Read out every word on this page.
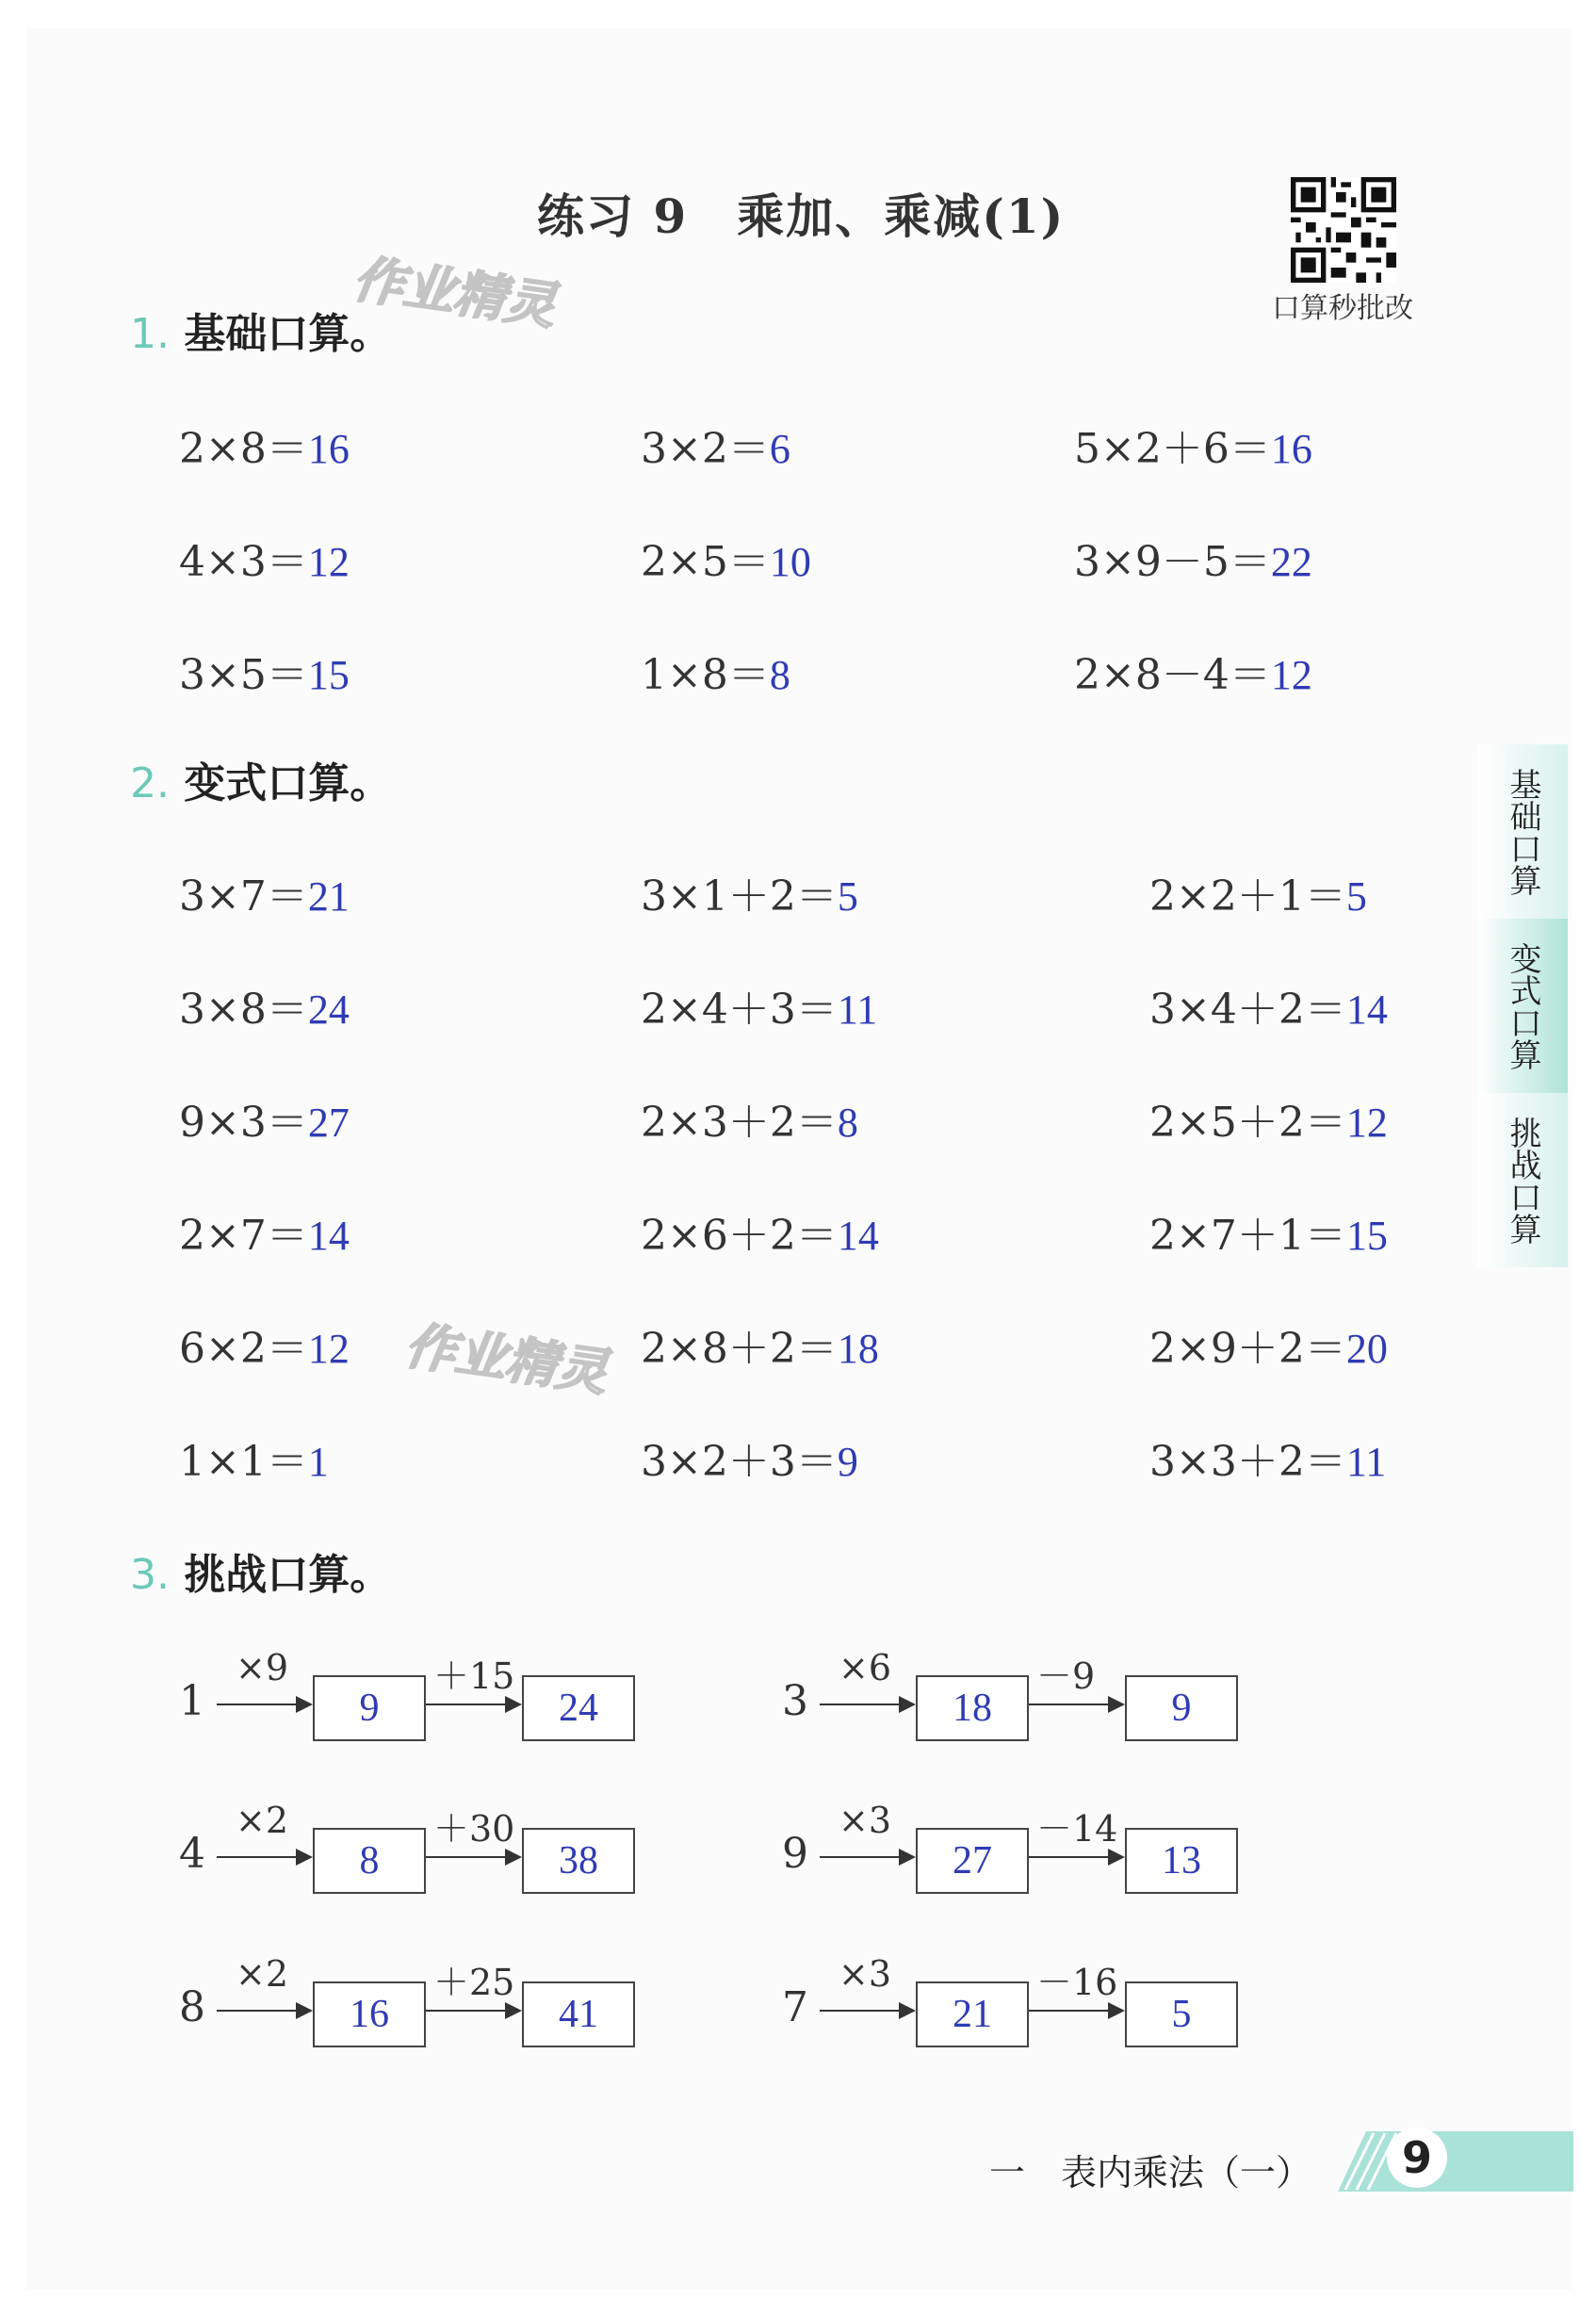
练习 9　乘加、乘减(1)
口算秒批改
作业精灵
作业精灵
1. 基础口算。
2. 变式口算。
3. 挑战口算。
2×8＝16	3×2＝6	5×2＋6＝16
4×3＝12	2×5＝10	3×9－5＝22
3×5＝15	1×8＝8	2×8－4＝12
3×7＝21	3×1＋2＝5	2×2＋1＝5
3×8＝24	2×4＋3＝11	3×4＋2＝14
9×3＝27	2×3＋2＝8	2×5＋2＝12
2×7＝14	2×6＋2＝14	2×7＋1＝15
6×2＝12	2×8＋2＝18	2×9＋2＝20
1×1＝1	3×2＋3＝9	3×3＋2＝11
1
×9
9
＋15
24	3
×6
18
－9
9
4
×2
8
＋30
38	9
×3
27
－14
13
8
×2
16
＋25
41	7
×3
21
－16
5
基础口算
变式口算
挑战口算
一　表内乘法（一）	9
